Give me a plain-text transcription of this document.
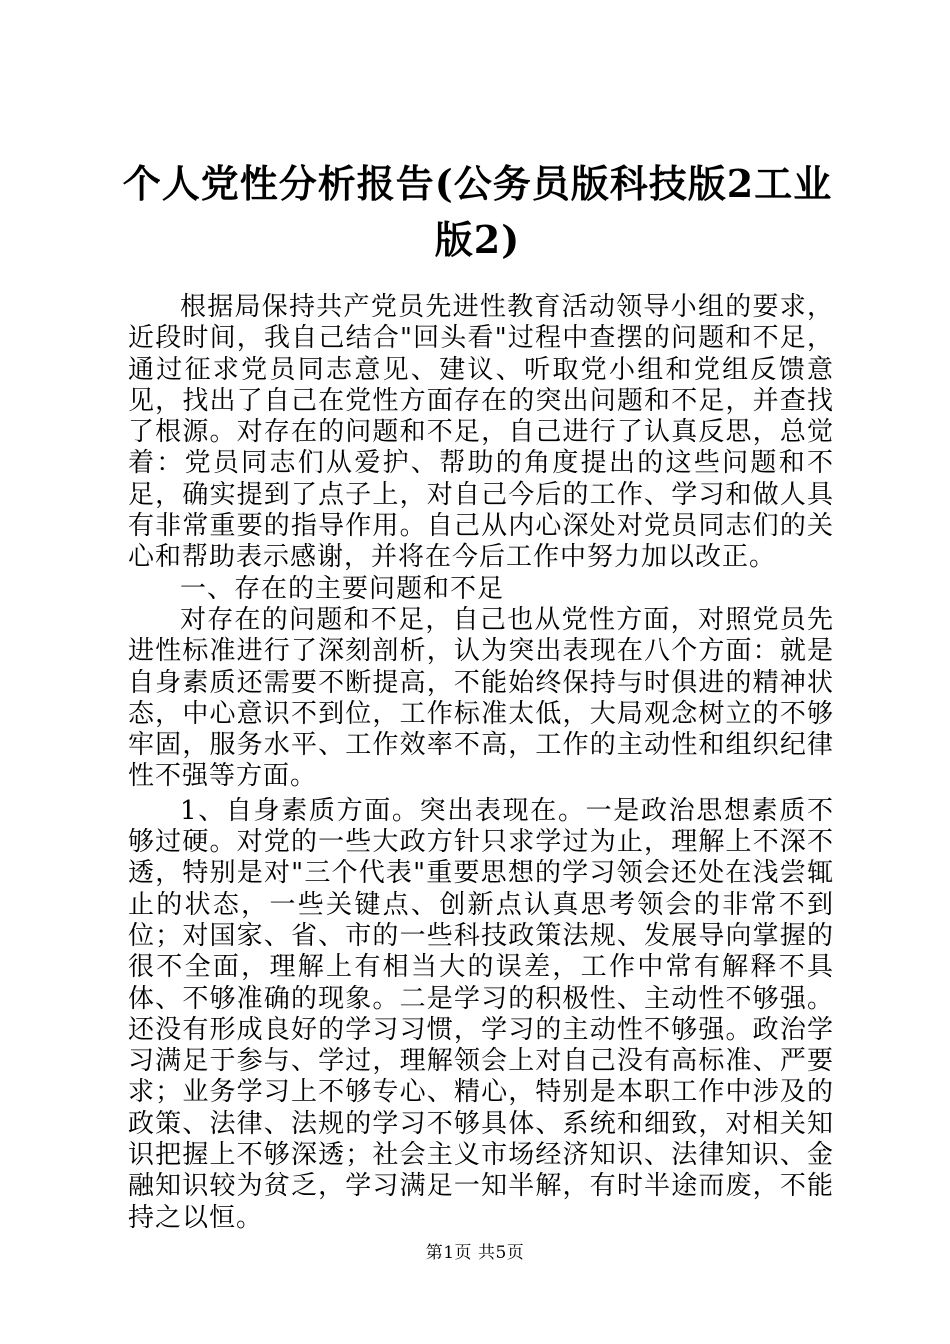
个人党性分析报告(公务员版科技版2工业版2)

根据局保持共产党员先进性教育活动领导小组的要求，近段时间，我自己结合"回头看"过程中查摆的问题和不足，通过征求党员同志意见、建议、听取党小组和党组反馈意见，找出了自己在党性方面存在的突出问题和不足，并查找了根源。对存在的问题和不足，自己进行了认真反思，总觉着：党员同志们从爱护、帮助的角度提出的这些问题和不足，确实提到了点子上，对自己今后的工作、学习和做人具有非常重要的指导作用。自己从内心深处对党员同志们的关心和帮助表示感谢，并将在今后工作中努力加以改正。

一、存在的主要问题和不足

对存在的问题和不足，自己也从党性方面，对照党员先进性标准进行了深刻剖析，认为突出表现在八个方面：就是自身素质还需要不断提高，不能始终保持与时俱进的精神状态，中心意识不到位，工作标准太低，大局观念树立的不够牢固，服务水平、工作效率不高，工作的主动性和组织纪律性不强等方面。

1、自身素质方面。突出表现在。一是政治思想素质不够过硬。对党的一些大政方针只求学过为止，理解上不深不透，特别是对"三个代表"重要思想的学习领会还处在浅尝辄止的状态，一些关键点、创新点认真思考领会的非常不到位；对国家、省、市的一些科技政策法规、发展导向掌握的很不全面，理解上有相当大的误差，工作中常有解释不具体、不够准确的现象。二是学习的积极性、主动性不够强。还没有形成良好的学习习惯，学习的主动性不够强。政治学习满足于参与、学过，理解领会上对自己没有高标准、严要求；业务学习上不够专心、精心，特别是本职工作中涉及的政策、法律、法规的学习不够具体、系统和细致，对相关知识把握上不够深透；社会主义市场经济知识、法律知识、金融知识较为贫乏，学习满足一知半解，有时半途而废，不能持之以恒。

第1页 共5页
